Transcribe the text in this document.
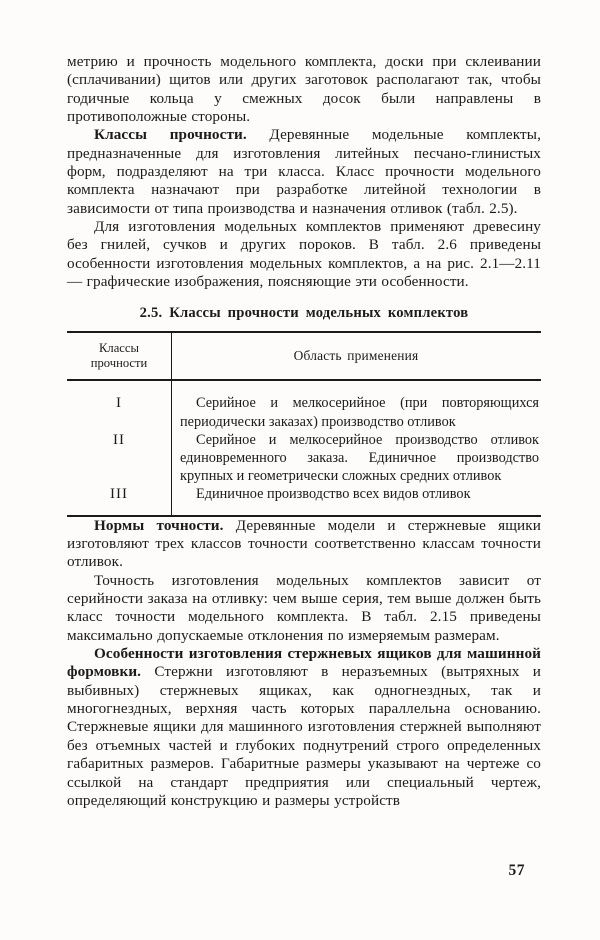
метрию и прочность модельного комплекта, доски при склеивании (сплачивании) щитов или других заготовок располагают так, чтобы годичные кольца у смежных досок были направлены в противоположные стороны.

Классы прочности. Деревянные модельные комплекты, предназначенные для изготовления литейных песчано-глинистых форм, подразделяют на три класса. Класс прочности модельного комплекта назначают при разработке литейной технологии в зависимости от типа производства и назначения отливок (табл. 2.5).

Для изготовления модельных комплектов применяют древесину без гнилей, сучков и других пороков. В табл. 2.6 приведены особенности изготовления модельных комплектов, а на рис. 2.1—2.11 — графические изображения, поясняющие эти особенности.

2.5. Классы прочности модельных комплектов
Классы
прочности	Область применения
I	Серийное и мелкосерийное (при повторяющихся периодически заказах) производство отливок
II	Серийное и мелкосерийное производство отливок единовременного заказа. Единичное производство крупных и геометрически сложных средних отливок
III	Единичное производство всех видов отливок

Нормы точности. Деревянные модели и стержневые ящики изготовляют трех классов точности соответственно классам точности отливок.

Точность изготовления модельных комплектов зависит от серийности заказа на отливку: чем выше серия, тем выше должен быть класс точности модельного комплекта. В табл. 2.15 приведены максимально допускаемые отклонения по измеряемым размерам.

Особенности изготовления стержневых ящиков для машинной формовки. Стержни изготовляют в неразъемных (вытряхных и выбивных) стержневых ящиках, как одногнездных, так и многогнездных, верхняя часть которых параллельна основанию. Стержневые ящики для машинного изготовления стержней выполняют без отъемных частей и глубоких поднутрений строго определенных габаритных размеров. Габаритные размеры указывают на чертеже со ссылкой на стандарт предприятия или специальный чертеж, определяющий конструкцию и размеры устройств

57
